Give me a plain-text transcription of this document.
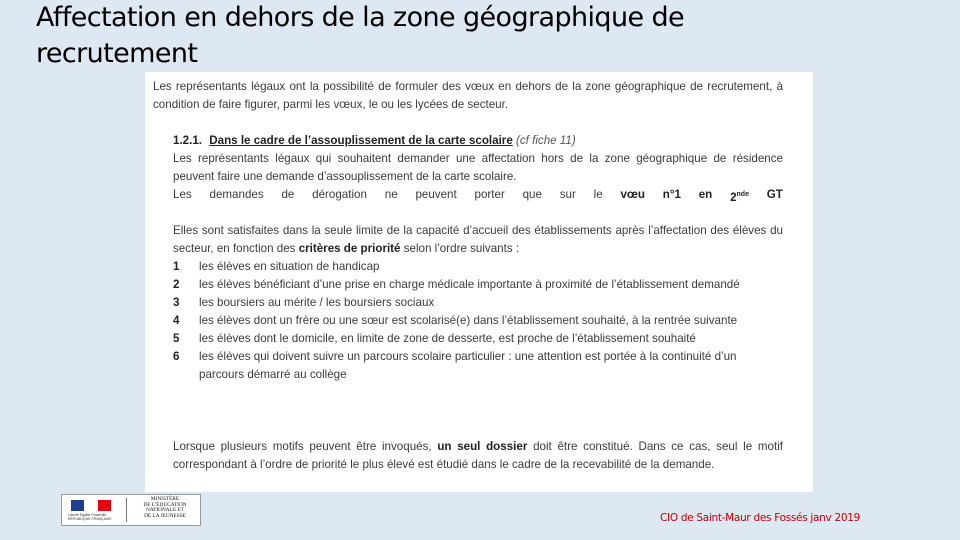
Affectation en dehors de la zone géographique de recrutement

Les représentants légaux ont la possibilité de formuler des vœux en dehors de la zone géographique de recrutement, à condition de faire figurer, parmi les vœux, le ou les lycées de secteur.

1.2.1. Dans le cadre de l’assouplissement de la carte scolaire (cf fiche 11)

Les représentants légaux qui souhaitent demander une affectation hors de la zone géographique de résidence peuvent faire une demande d’assouplissement de la carte scolaire.

Les demandes de dérogation ne peuvent porter que sur le vœu n°1 en 2nde GT

Elles sont satisfaites dans la seule limite de la capacité d’accueil des établissements après l’affectation des élèves du secteur, en fonction des critères de priorité selon l’ordre suivants :

1	les élèves en situation de handicap
2	les élèves bénéficiant d’une prise en charge médicale importante à proximité de l’établissement demandé
3	les boursiers au mérite / les boursiers sociaux
4	les élèves dont un frère ou une sœur est scolarisé(e) dans l’établissement souhaité, à la rentrée suivante
5	les élèves dont le domicile, en limite de zone de desserte, est proche de l’établissement souhaité
6	les élèves qui doivent suivre un parcours scolaire particulier : une attention est portée à la continuité d’un parcours démarré au collège

Lorsque plusieurs motifs peuvent être invoqués, un seul dossier doit être constitué. Dans ce cas, seul le motif correspondant à l’ordre de priorité le plus élevé est étudié dans le cadre de la recevabilité de la demande.

Liberté Égalité Fraternité RÉPUBLIQUE FRANÇAISE
MINISTÈRE
DE L’ÉDUCATION
NATIONALE ET
DE LA JEUNESSE	CIO de Saint-Maur des Fossés janv 2019
